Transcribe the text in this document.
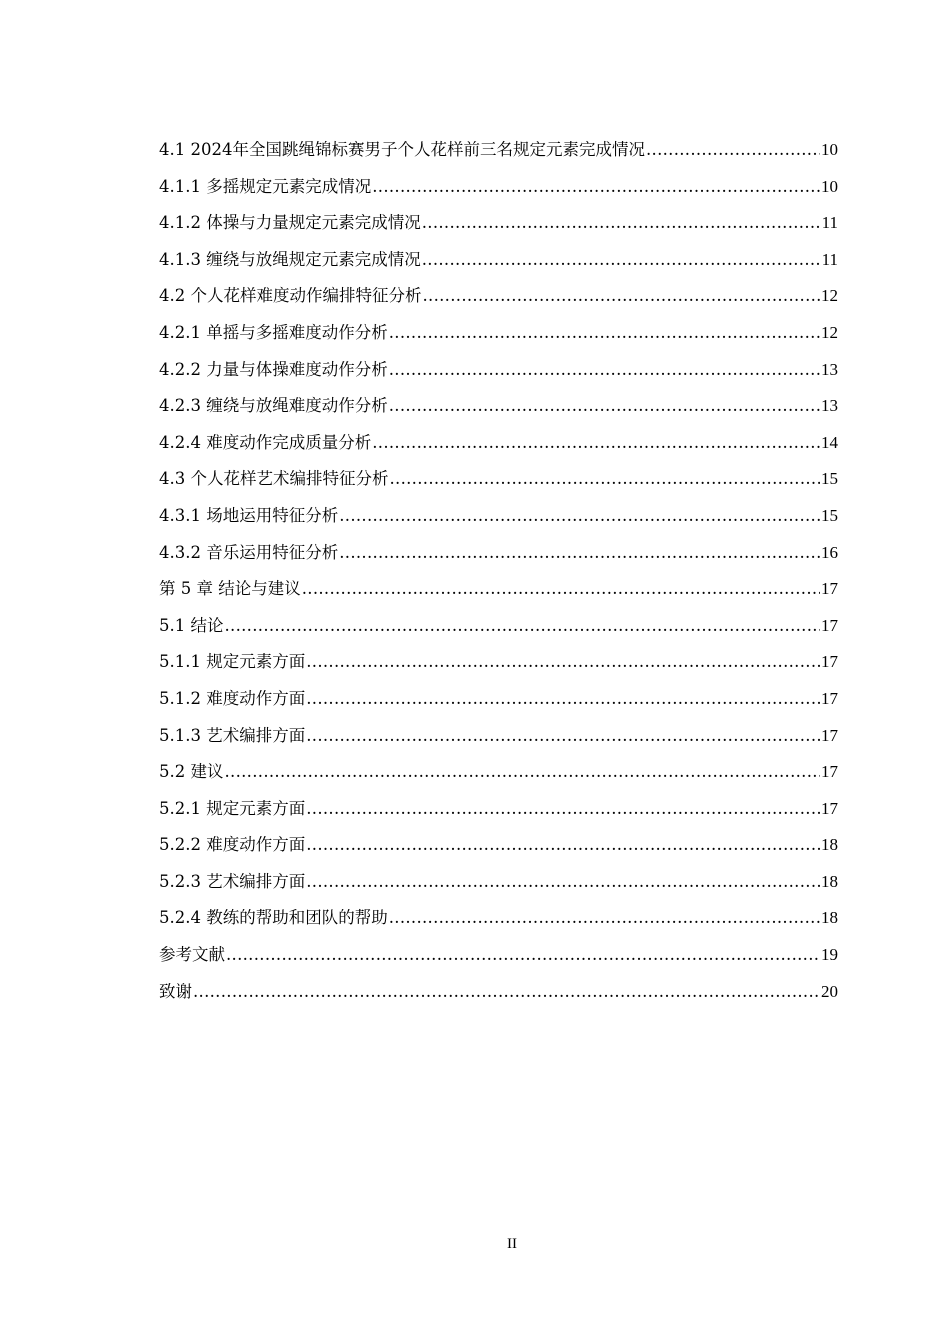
4.1 2024年全国跳绳锦标赛男子个人花样前三名规定元素完成情况 .....	10
4.1.1 多摇规定元素完成情况 .....	10
4.1.2 体操与力量规定元素完成情况 .....	11
4.1.3 缠绕与放绳规定元素完成情况 .....	11
4.2 个人花样难度动作编排特征分析 .....	12
4.2.1 单摇与多摇难度动作分析 .....	12
4.2.2 力量与体操难度动作分析 .....	13
4.2.3 缠绕与放绳难度动作分析 .....	13
4.2.4 难度动作完成质量分析 .....	14
4.3 个人花样艺术编排特征分析 .....	15
4.3.1 场地运用特征分析 .....	15
4.3.2 音乐运用特征分析 .....	16
第 5 章 结论与建议 .....	17
5.1 结论 .....	17
5.1.1 规定元素方面 .....	17
5.1.2 难度动作方面 .....	17
5.1.3 艺术编排方面 .....	17
5.2 建议 .....	17
5.2.1 规定元素方面 .....	17
5.2.2 难度动作方面 .....	18
5.2.3 艺术编排方面 .....	18
5.2.4 教练的帮助和团队的帮助 .....	18
参考文献 .....	19
致谢 .....	20
II
